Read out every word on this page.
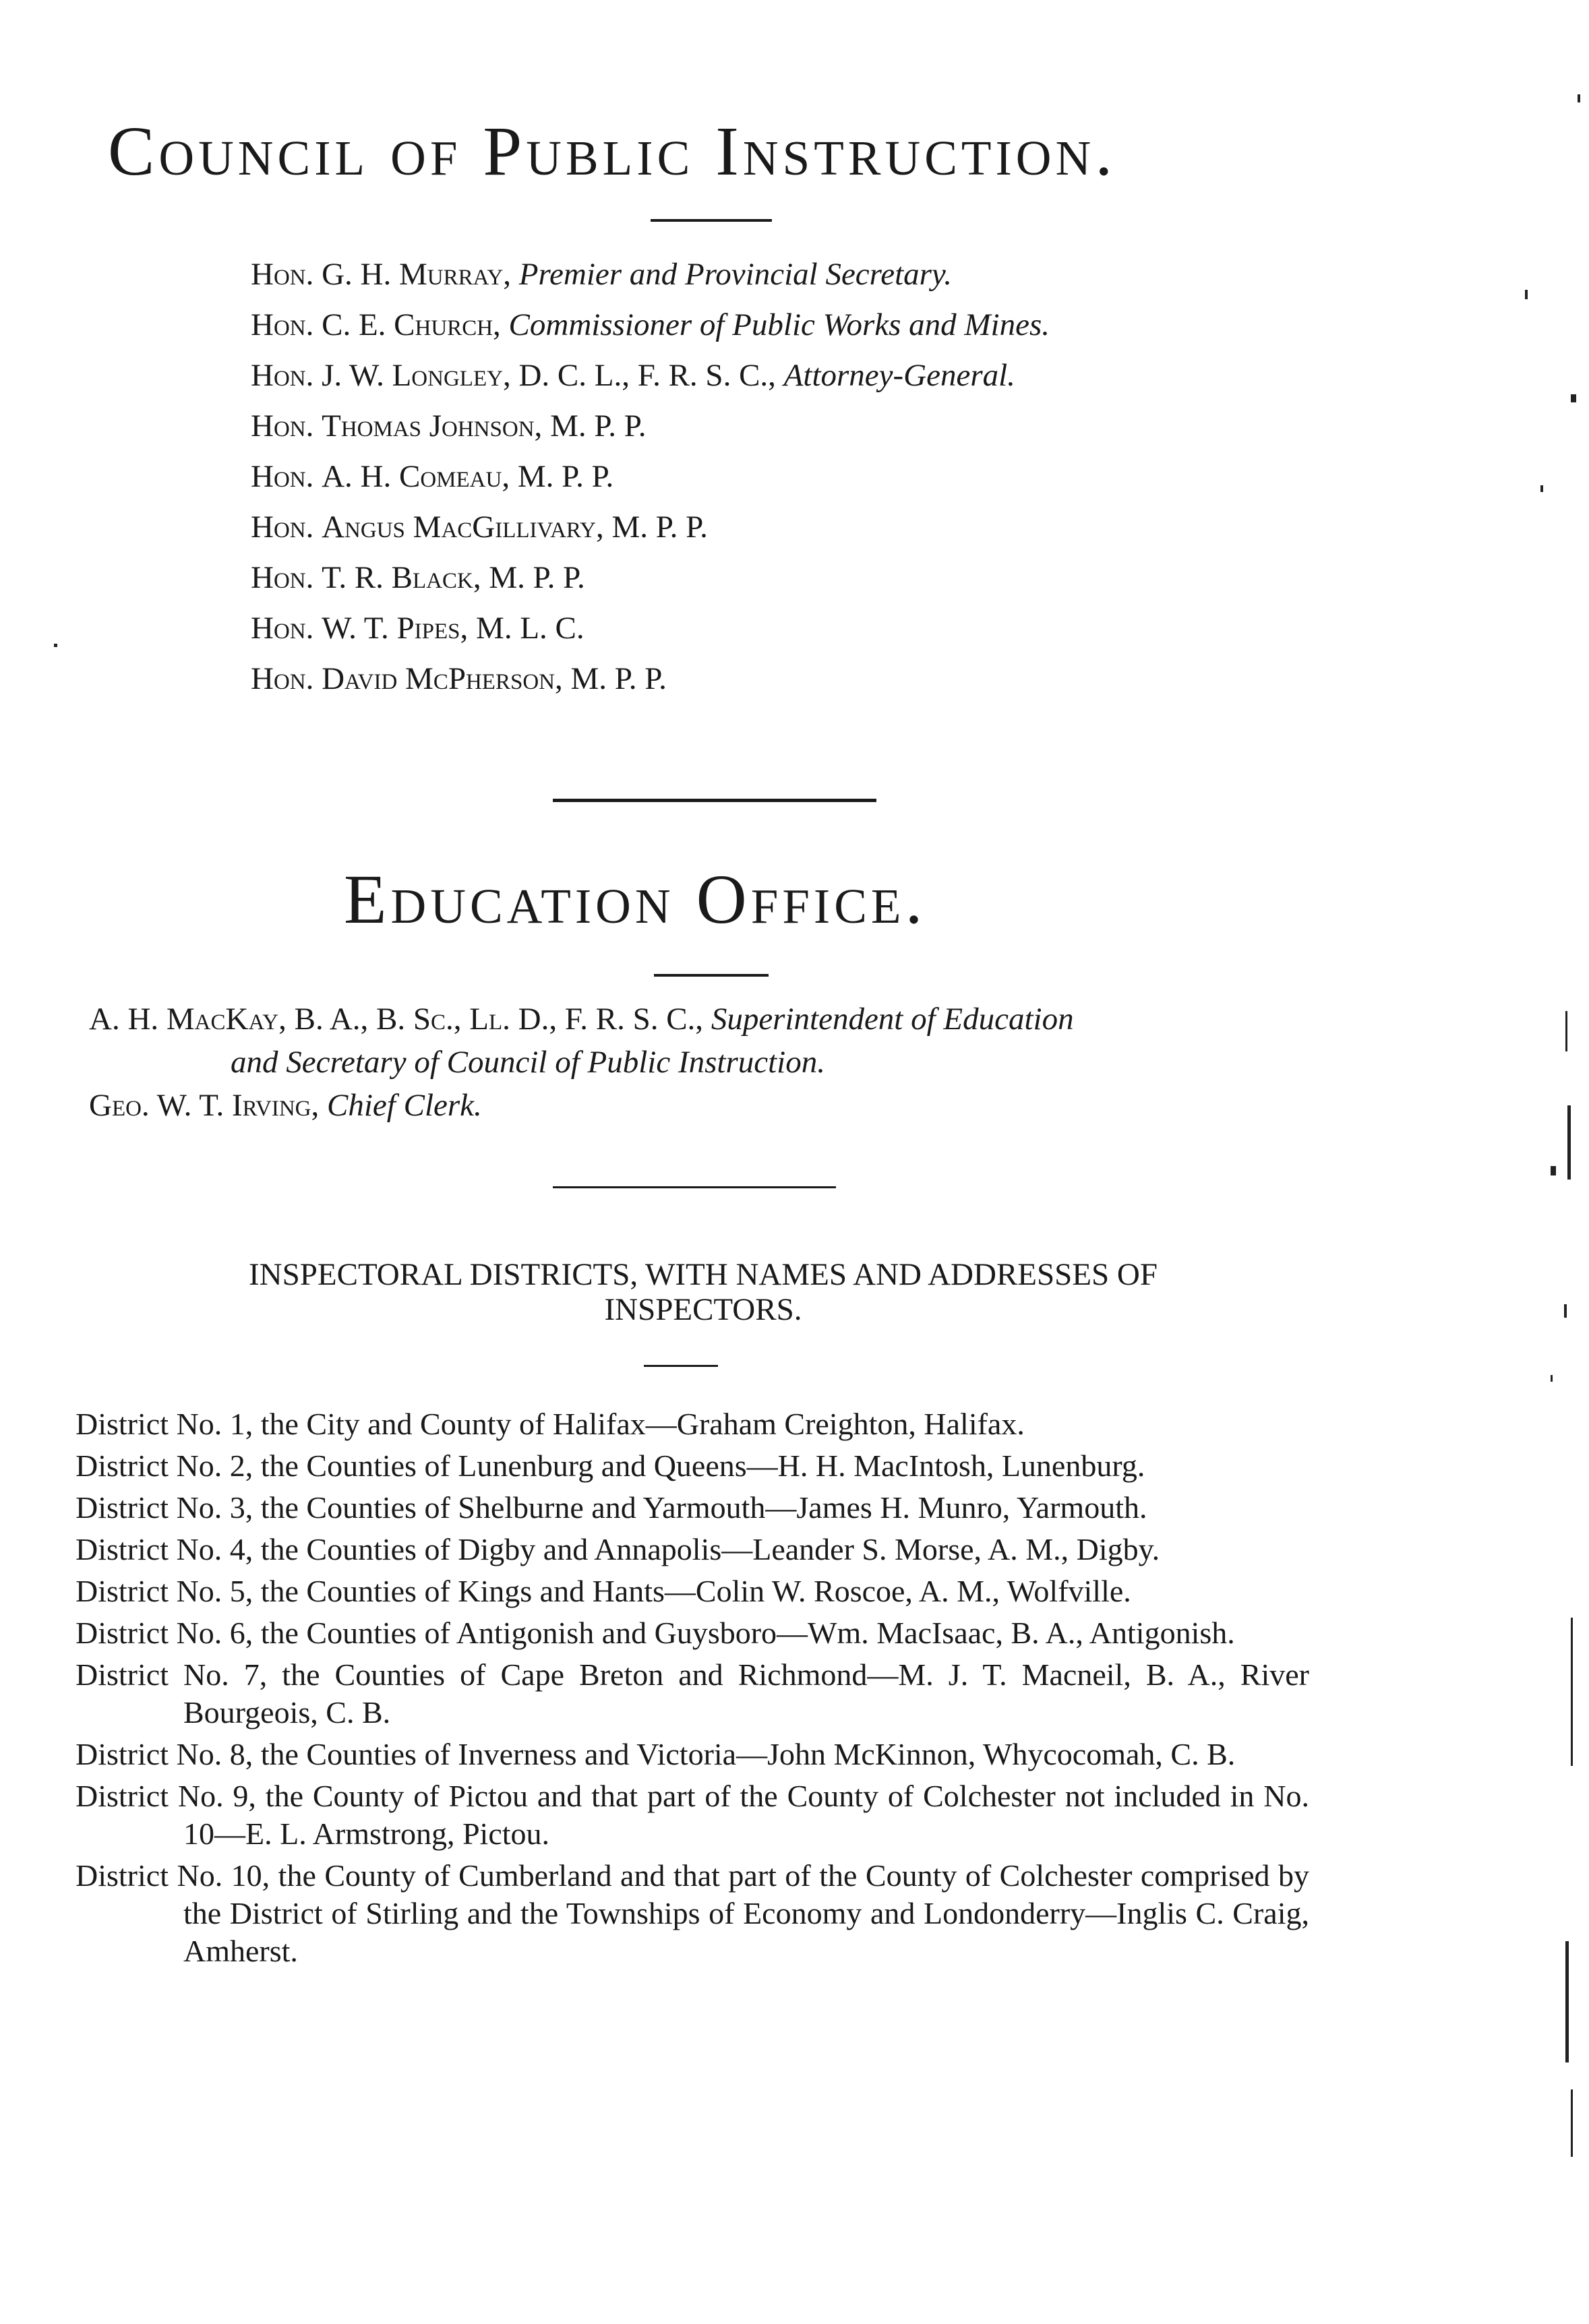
Council of Public Instruction.
Hon. G. H. Murray, Premier and Provincial Secretary.
Hon. C. E. Church, Commissioner of Public Works and Mines.
Hon. J. W. Longley, D. C. L., F. R. S. C., Attorney-General.
Hon. Thomas Johnson, M. P. P.
Hon. A. H. Comeau, M. P. P.
Hon. Angus MacGillivary, M. P. P.
Hon. T. R. Black, M. P. P.
Hon. W. T. Pipes, M. L. C.
Hon. David McPherson, M. P. P.
Education Office.
A. H. MacKay, B. A., B. Sc., Ll. D., F. R. S. C., Superintendent of Education
and Secretary of Council of Public Instruction.
Geo. W. T. Irving, Chief Clerk.
INSPECTORAL DISTRICTS, WITH NAMES AND ADDRESSES OF
INSPECTORS.
District No. 1, the City and County of Halifax—Graham Creighton, Halifax.
District No. 2, the Counties of Lunenburg and Queens—H. H. MacIntosh, Lunenburg.
District No. 3, the Counties of Shelburne and Yarmouth—James H. Munro, Yarmouth.
District No. 4, the Counties of Digby and Annapolis—Leander S. Morse, A. M., Digby.
District No. 5, the Counties of Kings and Hants—Colin W. Roscoe, A. M., Wolfville.
District No. 6, the Counties of Antigonish and Guysboro—Wm. MacIsaac, B. A., Antigonish.
District No. 7, the Counties of Cape Breton and Richmond—M. J. T. Macneil, B. A., River Bourgeois, C. B.
District No. 8, the Counties of Inverness and Victoria—John McKinnon, Whycocomah, C. B.
District No. 9, the County of Pictou and that part of the County of Colchester not included in No. 10—E. L. Armstrong, Pictou.
District No. 10, the County of Cumberland and that part of the County of Colchester comprised by the District of Stirling and the Townships of Economy and Londonderry—Inglis C. Craig, Amherst.
